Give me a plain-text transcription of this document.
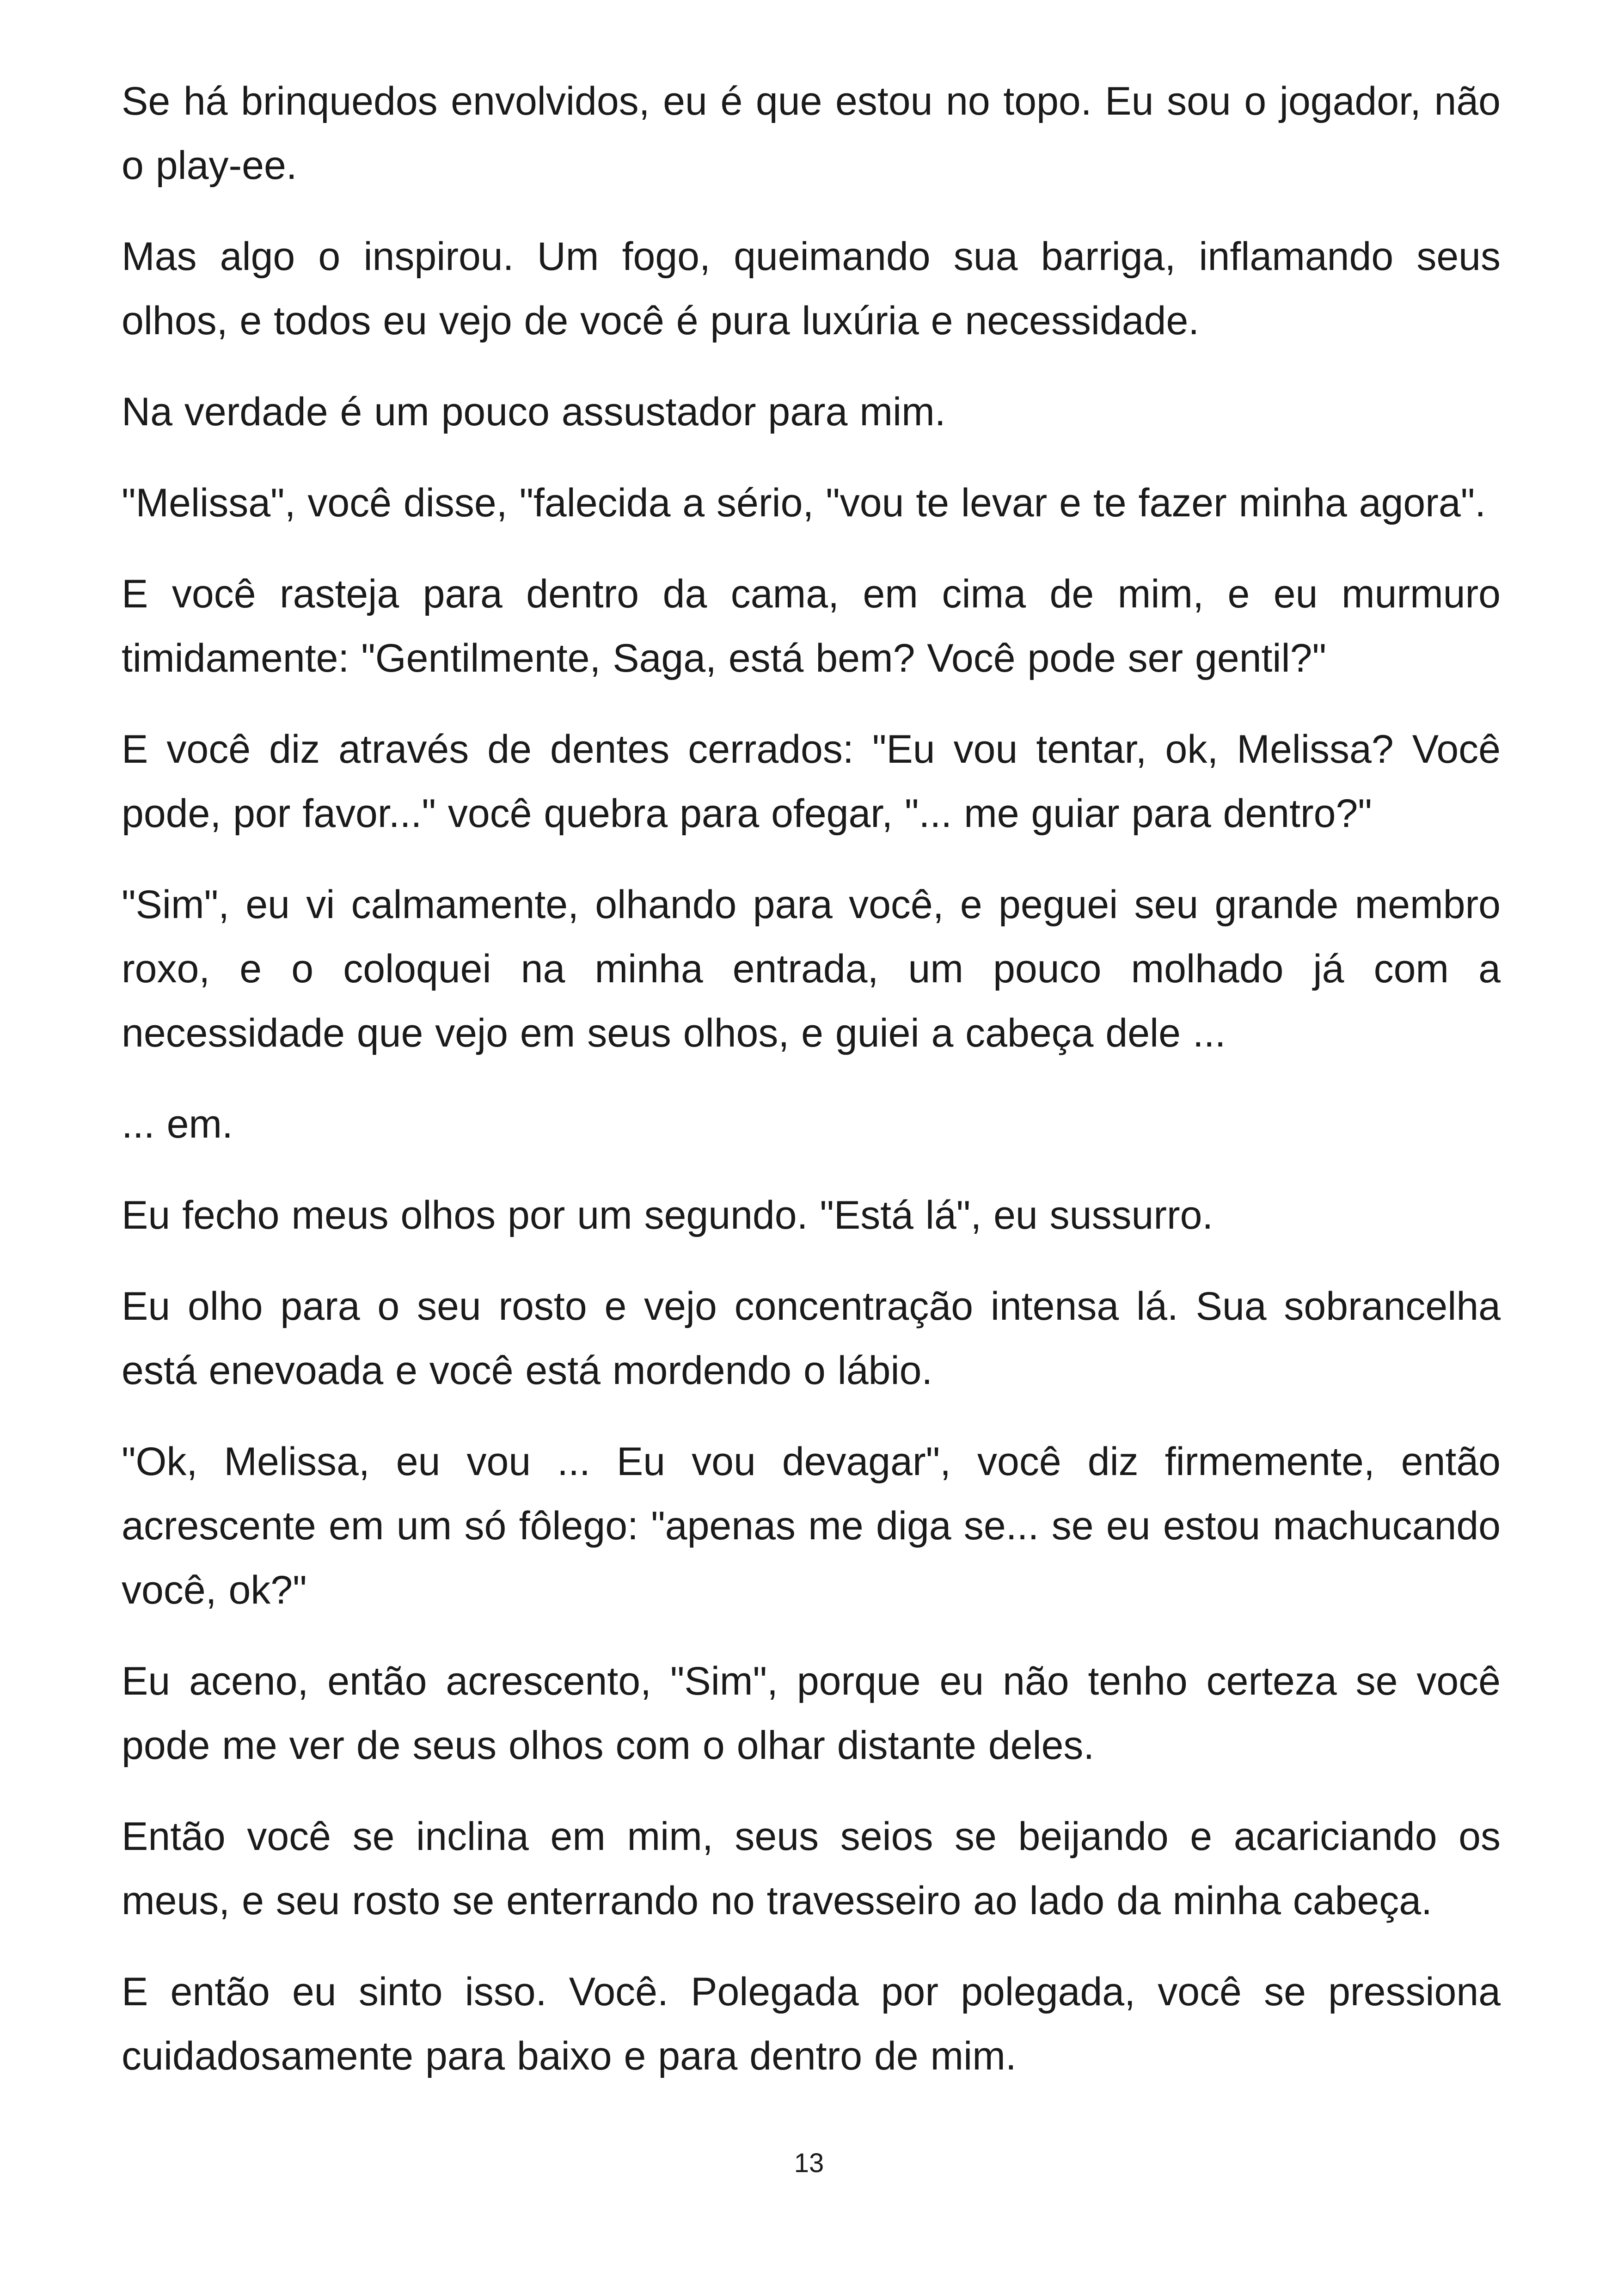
Se há brinquedos envolvidos, eu é que estou no topo. Eu sou o jogador, não o play-ee.

Mas algo o inspirou. Um fogo, queimando sua barriga, inflamando seus olhos, e todos eu vejo de você é pura luxúria e necessidade.

Na verdade é um pouco assustador para mim.

"Melissa", você disse, "falecida a sério, "vou te levar e te fazer minha agora".

E você rasteja para dentro da cama, em cima de mim, e eu murmuro timidamente: "Gentilmente, Saga, está bem? Você pode ser gentil?"

E você diz através de dentes cerrados: "Eu vou tentar, ok, Melissa? Você pode, por favor..." você quebra para ofegar, "... me guiar para dentro?"

"Sim", eu vi calmamente, olhando para você, e peguei seu grande membro roxo, e o coloquei na minha entrada, um pouco molhado já com a necessidade que vejo em seus olhos, e guiei a cabeça dele ...

... em.

Eu fecho meus olhos por um segundo. "Está lá", eu sussurro.

Eu olho para o seu rosto e vejo concentração intensa lá. Sua sobrancelha está enevoada e você está mordendo o lábio.

"Ok, Melissa, eu vou ... Eu vou devagar", você diz firmemente, então acrescente em um só fôlego: "apenas me diga se... se eu estou machucando você, ok?"

Eu aceno, então acrescento, "Sim", porque eu não tenho certeza se você pode me ver de seus olhos com o olhar distante deles.

Então você se inclina em mim, seus seios se beijando e acariciando os meus, e seu rosto se enterrando no travesseiro ao lado da minha cabeça.

E então eu sinto isso. Você. Polegada por polegada, você se pressiona cuidadosamente para baixo e para dentro de mim.

13
